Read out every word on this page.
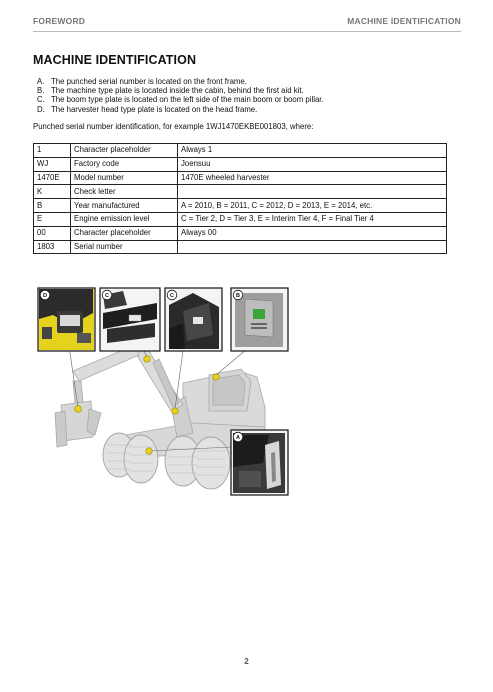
FOREWORD	MACHINE IDENTIFICATION
MACHINE IDENTIFICATION
A. The punched serial number is located on the front frame.
B. The machine type plate is located inside the cabin, behind the first aid kit.
C. The boom type plate is located on the left side of the main boom or boom pillar.
D. The harvester head type plate is located on the head frame.
Punched serial number identification, for example 1WJ1470EKBE001803, where:
1	Character placeholder	Always 1
WJ	Factory code	Joensuu
1470E	Model number	1470E wheeled harvester
K	Check letter	
B	Year manufactured	A = 2010, B = 2011, C = 2012, D = 2013, E = 2014, etc.
E	Engine emission level	C = Tier 2, D = Tier 3, E = Interim Tier 4, F = Final Tier 4
00	Character placeholder	Always 00
1803	Serial number	
D	C	C	B
A
2
